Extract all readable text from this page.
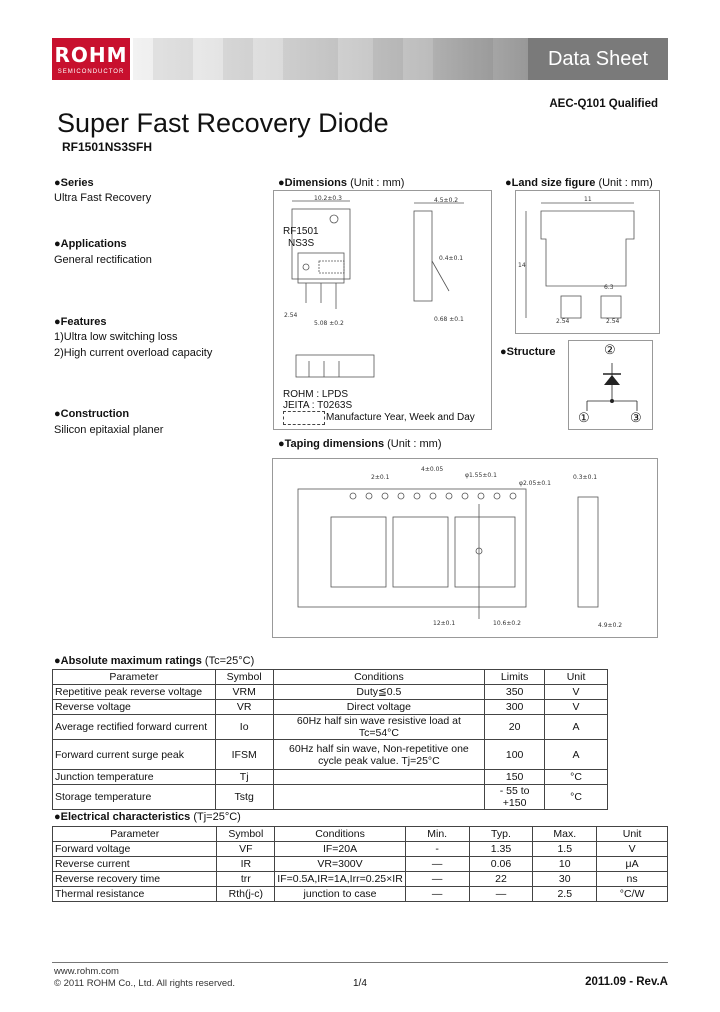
ROHM
SEMICONDUCTOR
Data Sheet
AEC-Q101 Qualified
Super Fast Recovery Diode
RF1501NS3SFH
●Series
Ultra Fast Recovery
●Applications
General rectification
●Features
1)Ultra low switching loss
2)High current overload capacity
●Construction
Silicon epitaxial planer
●Dimensions (Unit : mm)
10.2±0.3	4.5±0.2
0.4±0.1
0.68 ±0.1
2.54
5.08 ±0.2
RF1501
NS3S
ROHM : LPDS
JEITA : T0263S
Manufacture Year, Week and Day
●Land size figure (Unit : mm)
11
14
6.3
2.54	2.54
●Structure	②
①	③
●Taping dimensions (Unit : mm)
2±0.1
4±0.05
φ1.55±0.1
φ2.05±0.1
0.3±0.1
12±0.1	10.6±0.2	4.9±0.2
●Absolute maximum ratings (Tc=25°C)
Parameter	Symbol	Conditions	Limits	Unit
Repetitive peak reverse voltage	VRM	Duty≦0.5	350	V
Reverse voltage	VR	Direct voltage	300	V
Average rectified forward current	Io	60Hz half sin wave resistive load at Tc=54°C	20	A
Forward current surge peak	IFSM	60Hz half sin wave, Non-repetitive one cycle peak value. Tj=25°C	100	A
Junction temperature	Tj		150	°C
Storage temperature	Tstg		- 55 to +150	°C
●Electrical characteristics (Tj=25°C)
Parameter	Symbol	Conditions	Min.	Typ.	Max.	Unit
Forward voltage	VF	IF=20A	-	1.35	1.5	V
Reverse current	IR	VR=300V	—	0.06	10	μA
Reverse recovery time	trr	IF=0.5A,IR=1A,Irr=0.25×IR	—	22	30	ns
Thermal resistance	Rth(j-c)	junction to case	—	—	2.5	°C/W
www.rohm.com
© 2011 ROHM Co., Ltd. All rights reserved.	1/4	2011.09 - Rev.A
